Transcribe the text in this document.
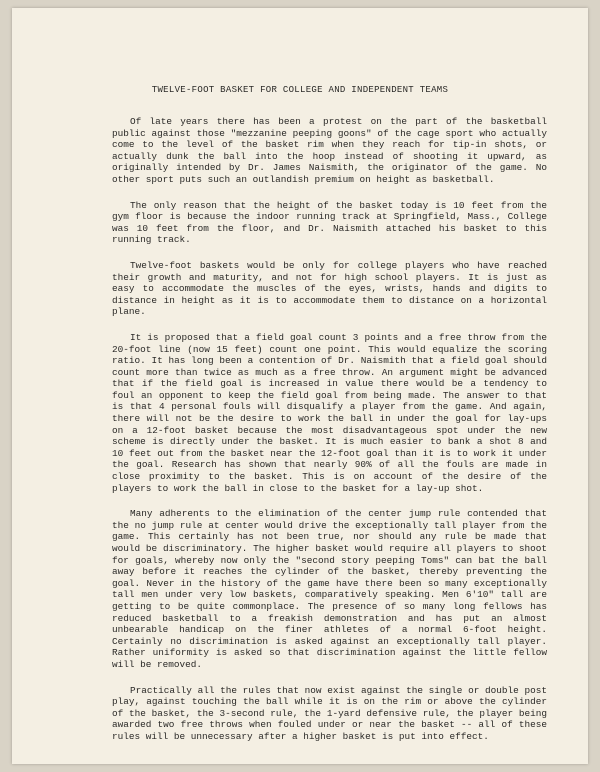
TWELVE-FOOT BASKET FOR COLLEGE AND INDEPENDENT TEAMS

Of late years there has been a protest on the part of the basketball public against those "mezzanine peeping goons" of the cage sport who actually come to the level of the basket rim when they reach for tip-in shots, or actually dunk the ball into the hoop instead of shooting it upward, as originally intended by Dr. James Naismith, the originator of the game. No other sport puts such an outlandish premium on height as basketball.

The only reason that the height of the basket today is 10 feet from the gym floor is because the indoor running track at Springfield, Mass., College was 10 feet from the floor, and Dr. Naismith attached his basket to this running track.

Twelve-foot baskets would be only for college players who have reached their growth and maturity, and not for high school players. It is just as easy to accommodate the muscles of the eyes, wrists, hands and digits to distance in height as it is to accommodate them to distance on a horizontal plane.

It is proposed that a field goal count 3 points and a free throw from the 20-foot line (now 15 feet) count one point. This would equalize the scoring ratio. It has long been a contention of Dr. Naismith that a field goal should count more than twice as much as a free throw. An argument might be advanced that if the field goal is increased in value there would be a tendency to foul an opponent to keep the field goal from being made. The answer to that is that 4 personal fouls will disqualify a player from the game. And again, there will not be the desire to work the ball in under the goal for lay-ups on a 12-foot basket because the most disadvantageous spot under the new scheme is directly under the basket. It is much easier to bank a shot 8 and 10 feet out from the basket near the 12-foot goal than it is to work it under the goal. Research has shown that nearly 90% of all the fouls are made in close proximity to the basket. This is on account of the desire of the players to work the ball in close to the basket for a lay-up shot.

Many adherents to the elimination of the center jump rule contended that the no jump rule at center would drive the exceptionally tall player from the game. This certainly has not been true, nor should any rule be made that would be discriminatory. The higher basket would require all players to shoot for goals, whereby now only the "second story peeping Toms" can bat the ball away before it reaches the cylinder of the basket, thereby preventing the goal. Never in the history of the game have there been so many exceptionally tall men under very low baskets, comparatively speaking. Men 6'10" tall are getting to be quite commonplace. The presence of so many long fellows has reduced basketball to a freakish demonstration and has put an almost unbearable handicap on the finer athletes of a normal 6-foot height. Certainly no discrimination is asked against an exceptionally tall player. Rather uniformity is asked so that discrimination against the little fellow will be removed.

Practically all the rules that now exist against the single or double post play, against touching the ball while it is on the rim or above the cylinder of the basket, the 3-second rule, the 1-yard defensive rule, the player being awarded two free throws when fouled under or near the basket -- all of these rules will be unnecessary after a higher basket is put into effect.
